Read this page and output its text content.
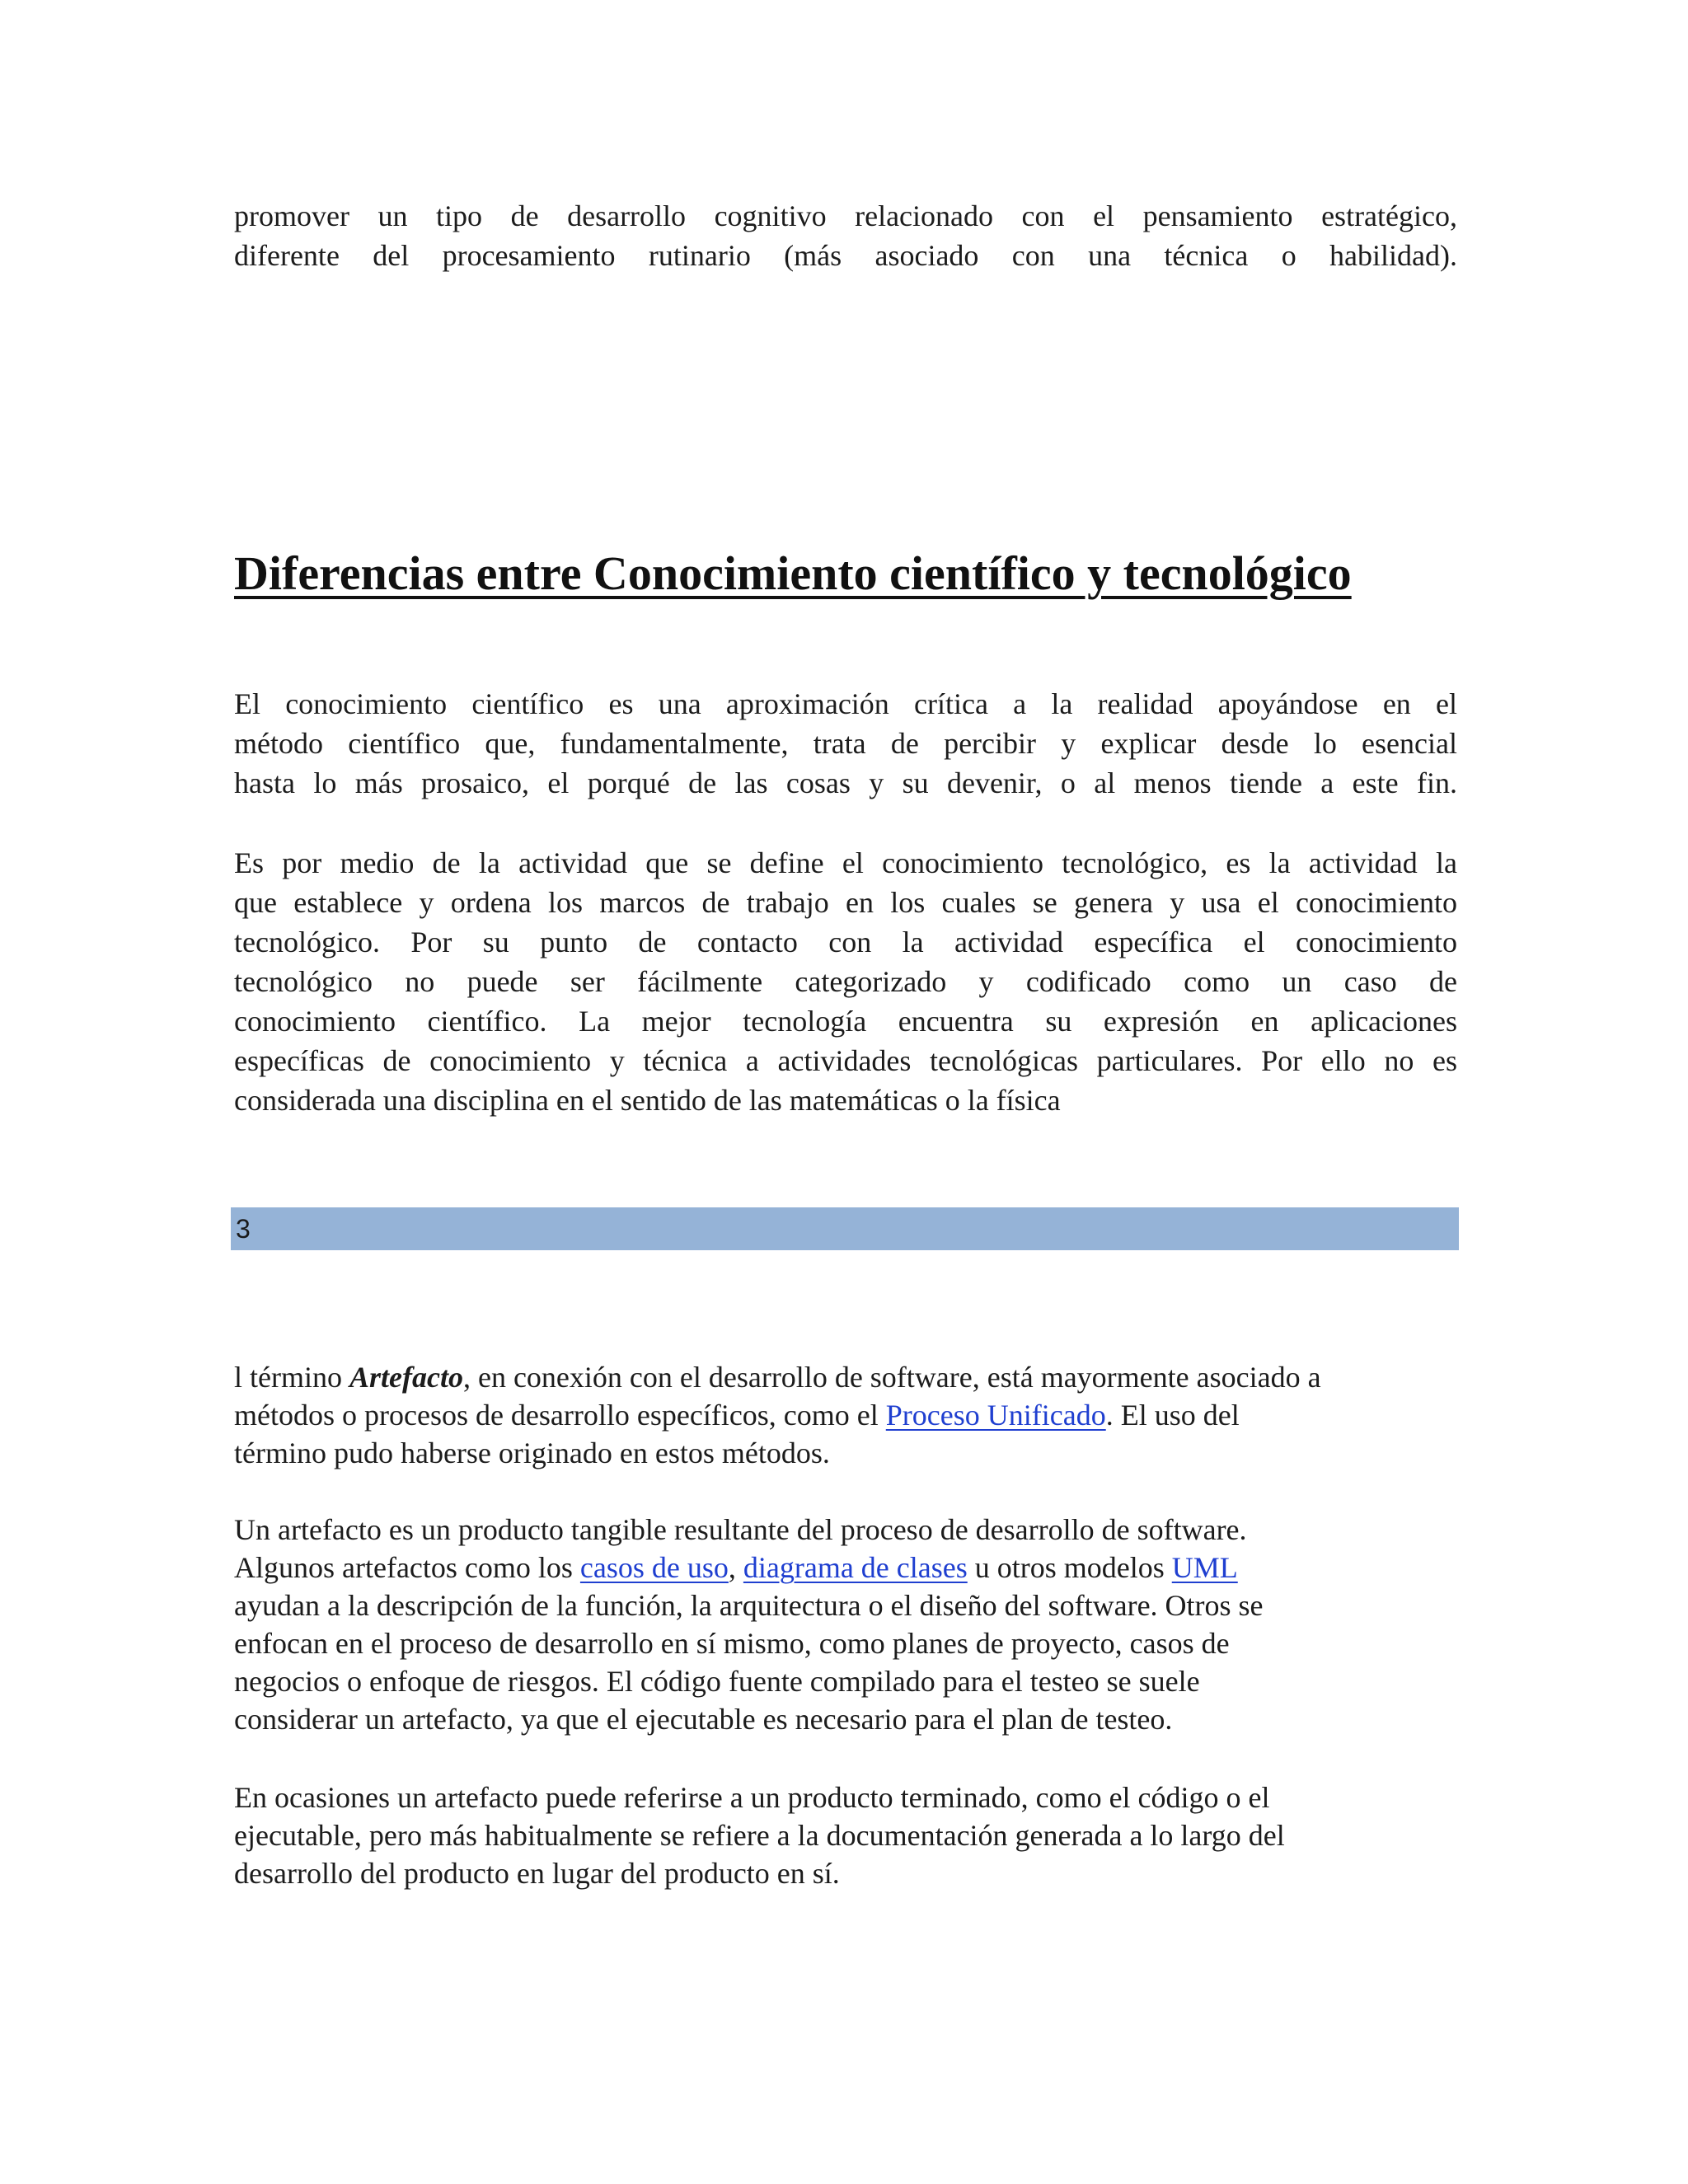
promover un tipo de desarrollo cognitivo relacionado con el pensamiento estratégico,
diferente del procesamiento rutinario (más asociado con una técnica o habilidad).
Diferencias entre Conocimiento científico y tecnológico
El conocimiento científico es una aproximación crítica a la realidad apoyándose en el
método científico que, fundamentalmente, trata de percibir y explicar desde lo esencial
hasta lo más prosaico, el porqué de las cosas y su devenir, o al menos tiende a este fin.
Es por medio de la actividad que se define el conocimiento tecnológico, es la actividad la
que establece y ordena los marcos de trabajo en los cuales se genera y usa el conocimiento
tecnológico. Por su punto de contacto con la actividad específica el conocimiento
tecnológico no puede ser fácilmente categorizado y codificado como un caso de
conocimiento científico. La mejor tecnología encuentra su expresión en aplicaciones
específicas de conocimiento y técnica a actividades tecnológicas particulares. Por ello no es
considerada una disciplina en el sentido de las matemáticas o la física
3
l término Artefacto, en conexión con el desarrollo de software, está mayormente asociado a
métodos o procesos de desarrollo específicos, como el Proceso Unificado. El uso del
término pudo haberse originado en estos métodos.
Un artefacto es un producto tangible resultante del proceso de desarrollo de software.
Algunos artefactos como los casos de uso, diagrama de clases u otros modelos UML
ayudan a la descripción de la función, la arquitectura o el diseño del software. Otros se
enfocan en el proceso de desarrollo en sí mismo, como planes de proyecto, casos de
negocios o enfoque de riesgos. El código fuente compilado para el testeo se suele
considerar un artefacto, ya que el ejecutable es necesario para el plan de testeo.
En ocasiones un artefacto puede referirse a un producto terminado, como el código o el
ejecutable, pero más habitualmente se refiere a la documentación generada a lo largo del
desarrollo del producto en lugar del producto en sí.
